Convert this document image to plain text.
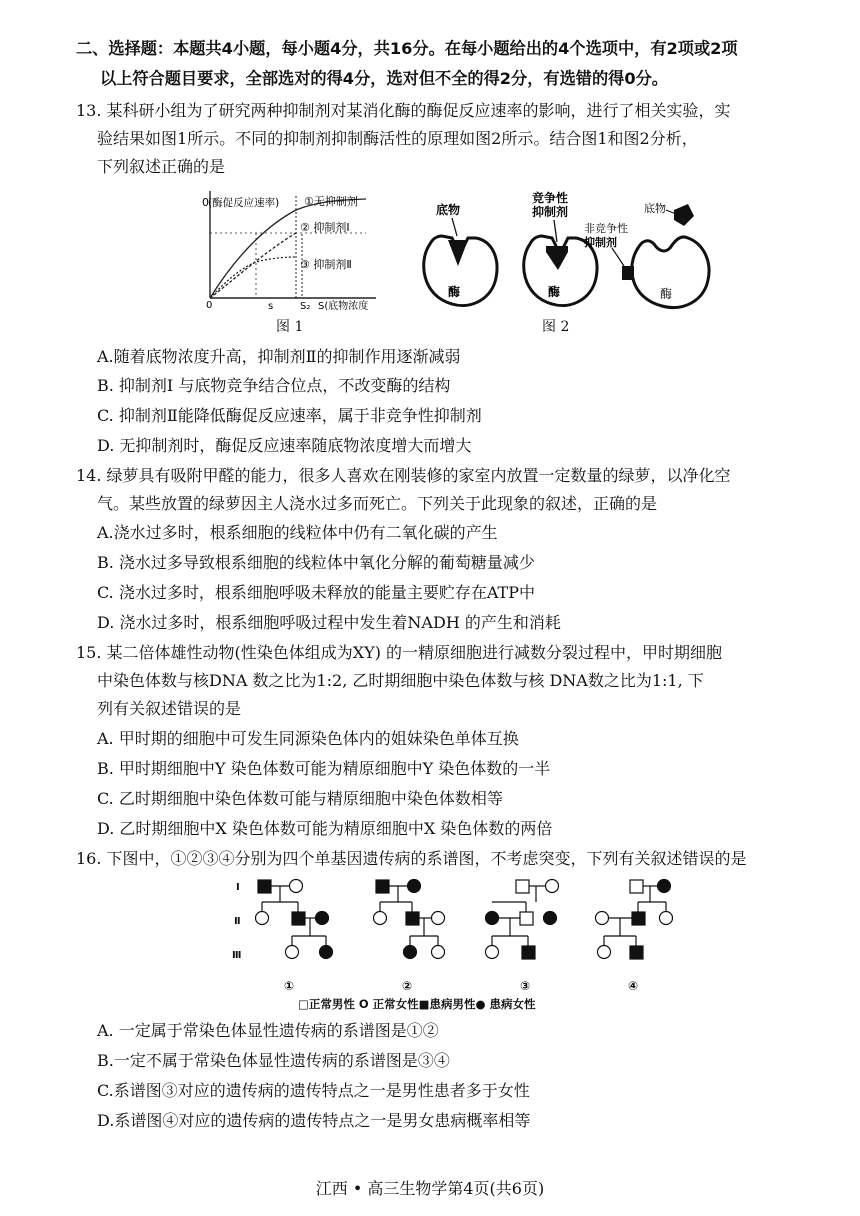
二、选择题：本题共4小题，每小题4分，共16分。在每小题给出的4个选项中，有2项或2项
以上符合题目要求，全部选对的得4分，选对但不全的得2分，有选错的得0分。
13. 某科研小组为了研究两种抑制剂对某消化酶的酶促反应速率的影响，进行了相关实验，实
验结果如图1所示。不同的抑制剂抑制酶活性的原理如图2所示。结合图1和图2分析，
下列叙述正确的是
0 (酶促反应速率) ①无抑制剂
② 抑制剂Ⅰ
③ 抑制剂Ⅱ
0	s	S₂ S(底物浓度
图 1
底物
酶
竞争性
抑制剂
酶
非竞争性
抑制剂
底物
酶
图 2
A.随着底物浓度升高，抑制剂Ⅱ的抑制作用逐渐减弱
B. 抑制剂Ⅰ 与底物竞争结合位点，不改变酶的结构
C. 抑制剂Ⅱ能降低酶促反应速率，属于非竞争性抑制剂
D. 无抑制剂时，酶促反应速率随底物浓度增大而增大
14. 绿萝具有吸附甲醛的能力，很多人喜欢在刚装修的家室内放置一定数量的绿萝，以净化空
气。某些放置的绿萝因主人浇水过多而死亡。下列关于此现象的叙述，正确的是
A.浇水过多时，根系细胞的线粒体中仍有二氧化碳的产生
B. 浇水过多导致根系细胞的线粒体中氧化分解的葡萄糖量减少
C. 浇水过多时，根系细胞呼吸未释放的能量主要贮存在ATP中
D. 浇水过多时，根系细胞呼吸过程中发生着NADH 的产生和消耗
15. 某二倍体雄性动物(性染色体组成为XY) 的一精原细胞进行减数分裂过程中，甲时期细胞
中染色体数与核DNA 数之比为1:2, 乙时期细胞中染色体数与核 DNA数之比为1:1, 下
列有关叙述错误的是
A. 甲时期的细胞中可发生同源染色体内的姐妹染色单体互换
B. 甲时期细胞中Y 染色体数可能为精原细胞中Y 染色体数的一半
C. 乙时期细胞中染色体数可能与精原细胞中染色体数相等
D. 乙时期细胞中X 染色体数可能为精原细胞中X 染色体数的两倍
16. 下图中，①②③④分别为四个单基因遗传病的系谱图，不考虑突变，下列有关叙述错误的是
Ⅰ
Ⅱ
Ⅲ
①	②	③	④
□正常男性 O 正常女性■患病男性● 患病女性
A. 一定属于常染色体显性遗传病的系谱图是①②
B.一定不属于常染色体显性遗传病的系谱图是③④
C.系谱图③对应的遗传病的遗传特点之一是男性患者多于女性
D.系谱图④对应的遗传病的遗传特点之一是男女患病概率相等
江西 • 高三生物学第4页(共6页)
